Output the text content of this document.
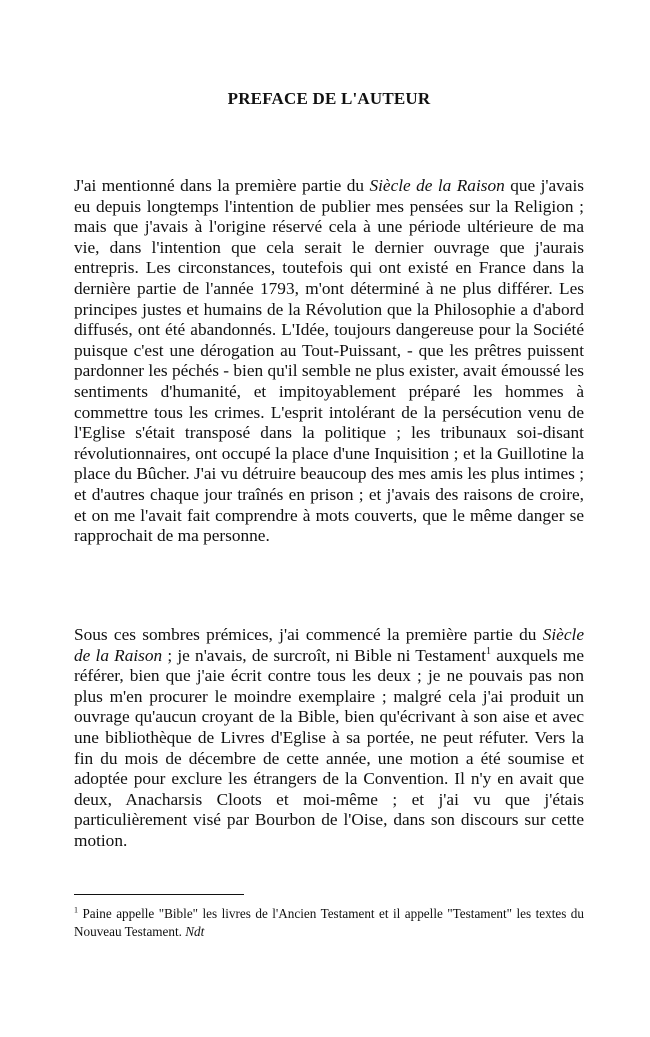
PREFACE DE L'AUTEUR

J'ai mentionné dans la première partie du Siècle de la Raison que j'avais eu depuis longtemps l'intention de publier mes pensées sur la Religion ; mais que j'avais à l'origine réservé cela à une période ultérieure de ma vie, dans l'intention que cela serait le dernier ouvrage que j'aurais entrepris. Les circonstances, toutefois qui ont existé en France dans la dernière partie de l'année 1793, m'ont déterminé à ne plus différer. Les principes justes et humains de la Révolution que la Philosophie a d'abord diffusés, ont été abandonnés. L'Idée, toujours dangereuse pour la Société puisque c'est une dérogation au Tout-Puissant, - que les prêtres puissent pardonner les péchés - bien qu'il semble ne plus exister, avait émoussé les sentiments d'humanité, et impitoyablement préparé les hommes à commettre tous les crimes. L'esprit intolérant de la persécution venu de l'Eglise s'était transposé dans la politique ; les tribunaux soi-disant révolutionnaires, ont occupé la place d'une Inquisition ; et la Guillotine la place du Bûcher. J'ai vu détruire beaucoup des mes amis les plus intimes ; et d'autres chaque jour traînés en prison ; et j'avais des raisons de croire, et on me l'avait fait comprendre à mots couverts, que le même danger se rapprochait de ma personne.

Sous ces sombres prémices, j'ai commencé la première partie du Siècle de la Raison ; je n'avais, de surcroît, ni Bible ni Testament$^1$ auxquels me référer, bien que j'aie écrit contre tous les deux ; je ne pouvais pas non plus m'en procurer le moindre exemplaire ; malgré cela j'ai produit un ouvrage qu'aucun croyant de la Bible, bien qu'écrivant à son aise et avec une bibliothèque de Livres d'Eglise à sa portée, ne peut réfuter. Vers la fin du mois de décembre de cette année, une motion a été soumise et adoptée pour exclure les étrangers de la Convention. Il n'y en avait que deux, Anacharsis Cloots et moi-même ; et j'ai vu que j'étais particulièrement visé par Bourbon de l'Oise, dans son discours sur cette motion.

$^1$ Paine appelle "Bible" les livres de l'Ancien Testament et il appelle "Testament" les textes du Nouveau Testament. Ndt
